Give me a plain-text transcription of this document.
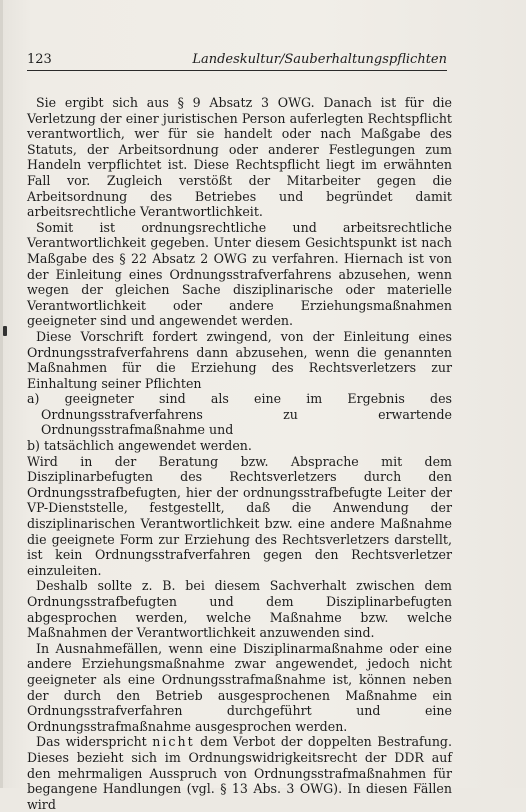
123	Landeskultur/Sauberhaltungspflichten

Sie ergibt sich aus § 9 Absatz 3 OWG. Danach ist für die Verletzung der einer juristischen Person auferlegten Rechtspflicht verantwortlich, wer für sie handelt oder nach Maßgabe des Statuts, der Arbeitsordnung oder anderer Festlegungen zum Handeln verpflichtet ist. Diese Rechtspflicht liegt im erwähnten Fall vor. Zugleich verstößt der Mitarbeiter gegen die Arbeitsordnung des Betriebes und begründet damit arbeitsrechtliche Verantwortlichkeit.

Somit ist ordnungsrechtliche und arbeitsrechtliche Verantwortlichkeit gegeben. Unter diesem Gesichtspunkt ist nach Maßgabe des § 22 Absatz 2 OWG zu verfahren. Hiernach ist von der Einleitung eines Ordnungsstrafverfahrens abzusehen, wenn wegen der gleichen Sache disziplinarische oder materielle Verantwortlichkeit oder andere Erziehungsmaßnahmen geeigneter sind und angewendet werden.

Diese Vorschrift fordert zwingend, von der Einleitung eines Ordnungsstrafverfahrens dann abzusehen, wenn die genannten Maßnahmen für die Erziehung des Rechtsverletzers zur Einhaltung seiner Pflichten

a) geeigneter sind als eine im Ergebnis des Ordnungsstrafverfahrens zu erwartende Ordnungsstrafmaßnahme und

b) tatsächlich angewendet werden.

Wird in der Beratung bzw. Absprache mit dem Disziplinarbefugten des Rechtsverletzers durch den Ordnungsstrafbefugten, hier der ordnungsstrafbefugte Leiter der VP-Dienststelle, festgestellt, daß die Anwendung der disziplinarischen Verantwortlichkeit bzw. eine andere Maßnahme die geeignete Form zur Erziehung des Rechtsverletzers darstellt, ist kein Ordnungsstrafverfahren gegen den Rechtsverletzer einzuleiten.

Deshalb sollte z. B. bei diesem Sachverhalt zwischen dem Ordnungsstrafbefugten und dem Disziplinarbefugten abgesprochen werden, welche Maßnahme bzw. welche Maßnahmen der Verantwortlichkeit anzuwenden sind.

In Ausnahmefällen, wenn eine Disziplinarmaßnahme oder eine andere Erziehungsmaßnahme zwar angewendet, jedoch nicht geeigneter als eine Ordnungsstrafmaßnahme ist, können neben der durch den Betrieb ausgesprochenen Maßnahme ein Ordnungsstrafverfahren durchgeführt und eine Ordnungsstrafmaßnahme ausgesprochen werden.

Das widerspricht nicht dem Verbot der doppelten Bestrafung. Dieses bezieht sich im Ordnungswidrigkeitsrecht der DDR auf den mehrmaligen Ausspruch von Ordnungsstrafmaßnahmen für begangene Handlungen (vgl. § 13 Abs. 3 OWG). In diesen Fällen wird
